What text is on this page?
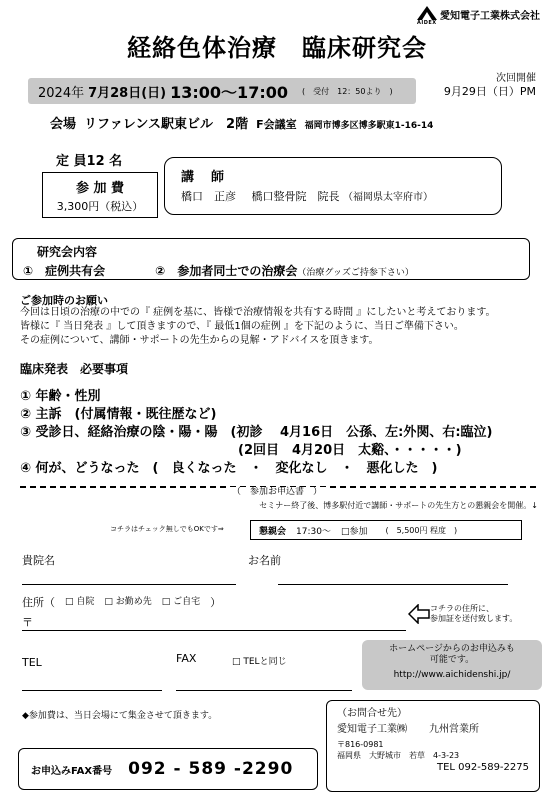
AIDEX
愛知電子工業株式会社
経絡色体治療　臨床研究会
2024年 7月28日(日) 13:00〜17:00 (　受付　12：50より　)
次回開催
9月29日（日）PM
会場 リファレンス駅東ビル　2階 F会議室 福岡市博多区博多駅東1-16-14
定 員12 名
参 加 費
3,300円（税込）
講　師
橋口　正彦 橋口整骨院　院長 （福岡県太宰府市）
研究会内容
①　症例共有会	②　参加者同士での治療会（治療グッズご持参下さい）
ご参加時のお願い
今回は日頃の治療の中での『 症例を基に、皆様で治療情報を共有する時間 』にしたいと考えております。
皆様に『 当日発表 』して頂きますので、『 最低1個の症例 』を下記のように、当日ご準備下さい。
その症例について、講師・サポートの先生からの見解・アドバイスを頂きます。
臨床発表　必要事項
① 年齢・性別
② 主訴　(付属情報・既往歴など)
③ 受診日、経絡治療の陰・陽・陽　(初診　 4月16日　公孫、左:外関、右:臨泣)
(2回目　4月20日　太谿、・・・・・)
④ 何が、どうなった　(　良くなった　・　変化なし　・　悪化した　)
（　参加お申込書　）
セミナー終了後、博多駅付近で講師・サポートの先生方との懇親会を開催。↓
コチラはチェック無しでもOKです⇒	懇親会 17:30〜 □参加 (　5,500円 程度　)
貴院名	お名前
住所（ □ 自院 □ お勤め先 □ ご自宅 ）
〒
コチラの住所に、
参加証を送付致します。
TEL	FAX	□ TELと同じ
ホームページからのお申込みも
可能です。
http://www.aichidenshi.jp/
◆参加費は、当日会場にて集金させて頂きます。
お申込みFAX番号 092 - 589 -2290
（お問合せ先）
愛知電子工業㈱ 九州営業所
〒816-0981
福岡県　大野城市　若草　4-3-23
TEL 092-589-2275
